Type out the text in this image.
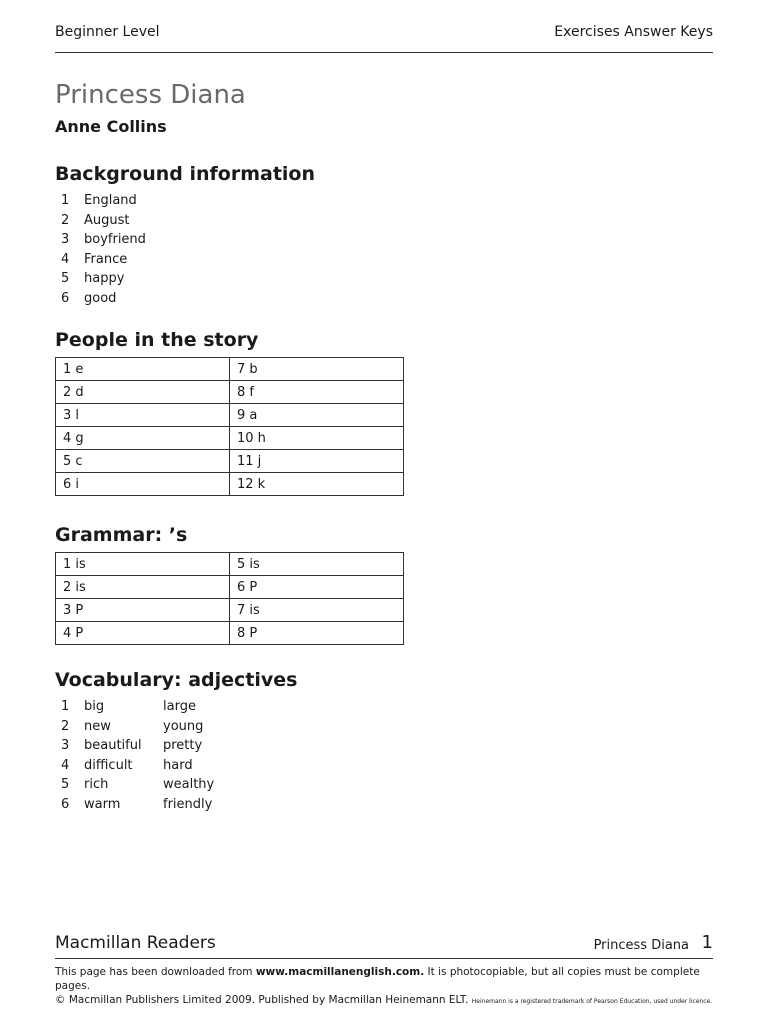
Beginner Level	Exercises Answer Keys
Princess Diana
Anne Collins
Background information
1	England
2	August
3	boyfriend
4	France
5	happy
6	good
People in the story
1 e	7 b
2 d	8 f
3 l	9 a
4 g	10 h
5 c	11 j
6 i	12 k
Grammar: ’s
1 is	5 is
2 is	6 P
3 P	7 is
4 P	8 P
Vocabulary: adjectives
1	big	large
2	new	young
3	beautiful	pretty
4	difficult	hard
5	rich	wealthy
6	warm	friendly
Macmillan Readers	Princess Diana 1
This page has been downloaded from www.macmillanenglish.com. It is photocopiable, but all copies must be complete pages.
© Macmillan Publishers Limited 2009. Published by Macmillan Heinemann ELT. Heinemann is a registered trademark of Pearson Education, used under licence.
